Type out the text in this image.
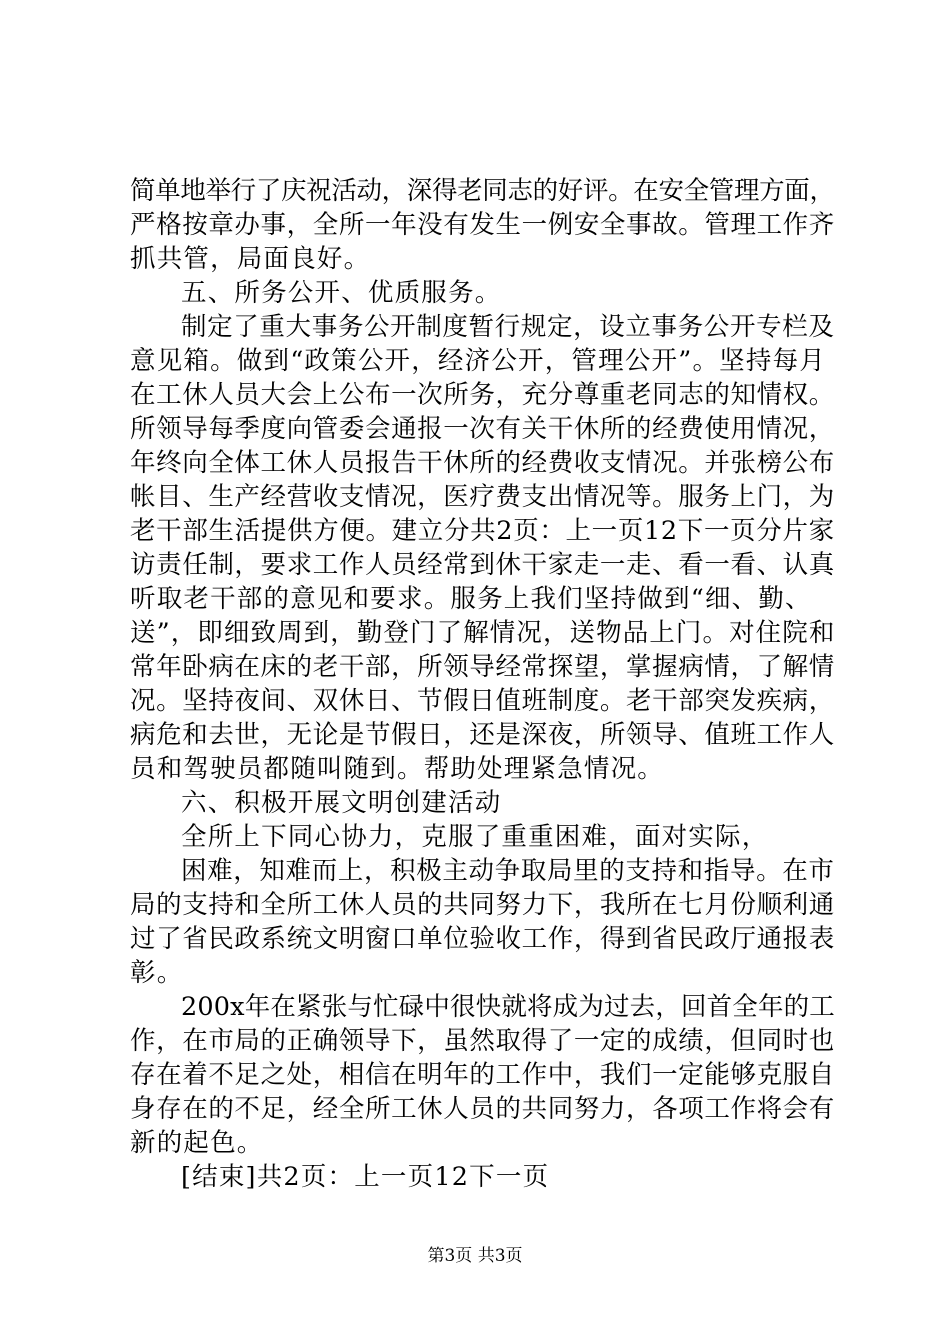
简单地举行了庆祝活动，深得老同志的好评。在安全管理方面，
严格按章办事，全所一年没有发生一例安全事故。管理工作齐
抓共管，局面良好。
五、所务公开、优质服务。
制定了重大事务公开制度暂行规定，设立事务公开专栏及
意见箱。做到“政策公开，经济公开，管理公开”。坚持每月
在工休人员大会上公布一次所务，充分尊重老同志的知情权。
所领导每季度向管委会通报一次有关干休所的经费使用情况，
年终向全体工休人员报告干休所的经费收支情况。并张榜公布
帐目、生产经营收支情况，医疗费支出情况等。服务上门，为
老干部生活提供方便。建立分共2页：上一页12下一页分片家
访责任制，要求工作人员经常到休干家走一走、看一看、认真
听取老干部的意见和要求。服务上我们坚持做到“细、勤、
送”，即细致周到，勤登门了解情况，送物品上门。对住院和
常年卧病在床的老干部，所领导经常探望，掌握病情，了解情
况。坚持夜间、双休日、节假日值班制度。老干部突发疾病，
病危和去世，无论是节假日，还是深夜，所领导、值班工作人
员和驾驶员都随叫随到。帮助处理紧急情况。
六、积极开展文明创建活动
全所上下同心协力，克服了重重困难，面对实际，
困难，知难而上，积极主动争取局里的支持和指导。在市
局的支持和全所工休人员的共同努力下，我所在七月份顺利通
过了省民政系统文明窗口单位验收工作，得到省民政厅通报表
彰。
200x年在紧张与忙碌中很快就将成为过去，回首全年的工
作，在市局的正确领导下，虽然取得了一定的成绩，但同时也
存在着不足之处，相信在明年的工作中，我们一定能够克服自
身存在的不足，经全所工休人员的共同努力，各项工作将会有
新的起色。
[结束]共2页：上一页12下一页
第3页 共3页
